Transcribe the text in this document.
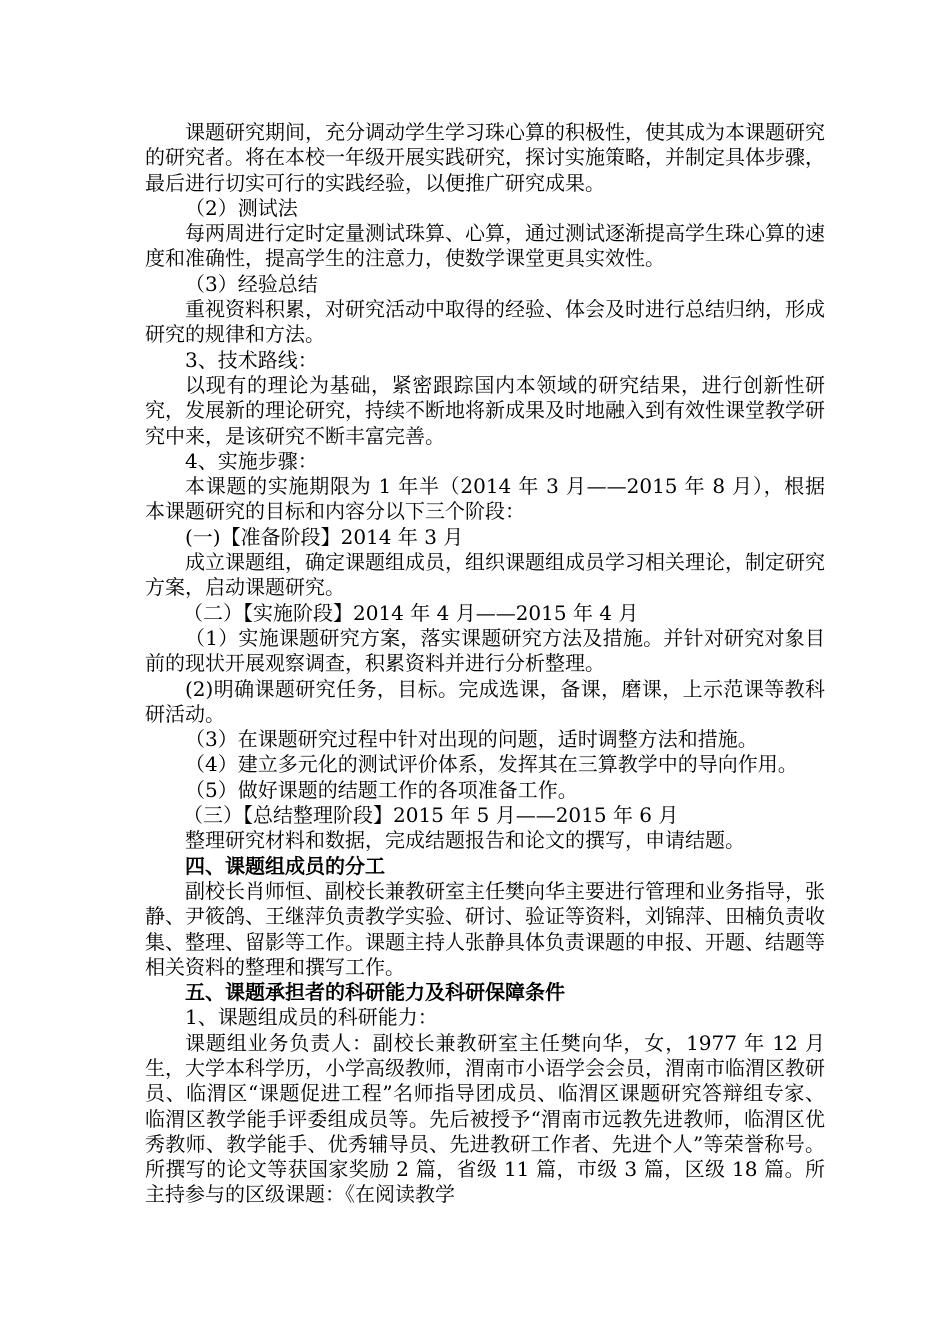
课题研究期间，充分调动学生学习珠心算的积极性，使其成为本课题研究的研究者。将在本校一年级开展实践研究，探讨实施策略，并制定具体步骤，最后进行切实可行的实践经验，以便推广研究成果。

（2）测试法

每两周进行定时定量测试珠算、心算，通过测试逐渐提高学生珠心算的速度和准确性，提高学生的注意力，使数学课堂更具实效性。

（3）经验总结

重视资料积累，对研究活动中取得的经验、体会及时进行总结归纳，形成研究的规律和方法。

3、技术路线：

以现有的理论为基础，紧密跟踪国内本领域的研究结果，进行创新性研究，发展新的理论研究，持续不断地将新成果及时地融入到有效性课堂教学研究中来，是该研究不断丰富完善。

4、实施步骤：

本课题的实施期限为 1 年半（2014 年 3 月——2015 年 8 月），根据本课题研究的目标和内容分以下三个阶段：

(一)【准备阶段】2014 年 3 月

成立课题组，确定课题组成员，组织课题组成员学习相关理论，制定研究方案，启动课题研究。

（二）【实施阶段】2014 年 4 月——2015 年 4 月

（1）实施课题研究方案，落实课题研究方法及措施。并针对研究对象目前的现状开展观察调查，积累资料并进行分析整理。

(2)明确课题研究任务，目标。完成选课，备课，磨课，上示范课等教科研活动。

（3）在课题研究过程中针对出现的问题，适时调整方法和措施。

（4）建立多元化的测试评价体系，发挥其在三算教学中的导向作用。

（5）做好课题的结题工作的各项准备工作。

（三）【总结整理阶段】2015 年 5 月——2015 年 6 月

整理研究材料和数据，完成结题报告和论文的撰写，申请结题。

四、课题组成员的分工

副校长肖师恒、副校长兼教研室主任樊向华主要进行管理和业务指导，张静、尹筱鸽、王继萍负责教学实验、研讨、验证等资料，刘锦萍、田楠负责收集、整理、留影等工作。课题主持人张静具体负责课题的申报、开题、结题等相关资料的整理和撰写工作。

五、课题承担者的科研能力及科研保障条件

1、课题组成员的科研能力：

课题组业务负责人：副校长兼教研室主任樊向华，女，1977 年 12 月生，大学本科学历，小学高级教师，渭南市小语学会会员，渭南市临渭区教研员、临渭区“课题促进工程”名师指导团成员、临渭区课题研究答辩组专家、临渭区教学能手评委组成员等。先后被授予“渭南市远教先进教师，临渭区优秀教师、教学能手、优秀辅导员、先进教研工作者、先进个人”等荣誉称号。所撰写的论文等获国家奖励 2 篇，省级 11 篇，市级 3 篇，区级 18 篇。所主持参与的区级课题：《在阅读教学
